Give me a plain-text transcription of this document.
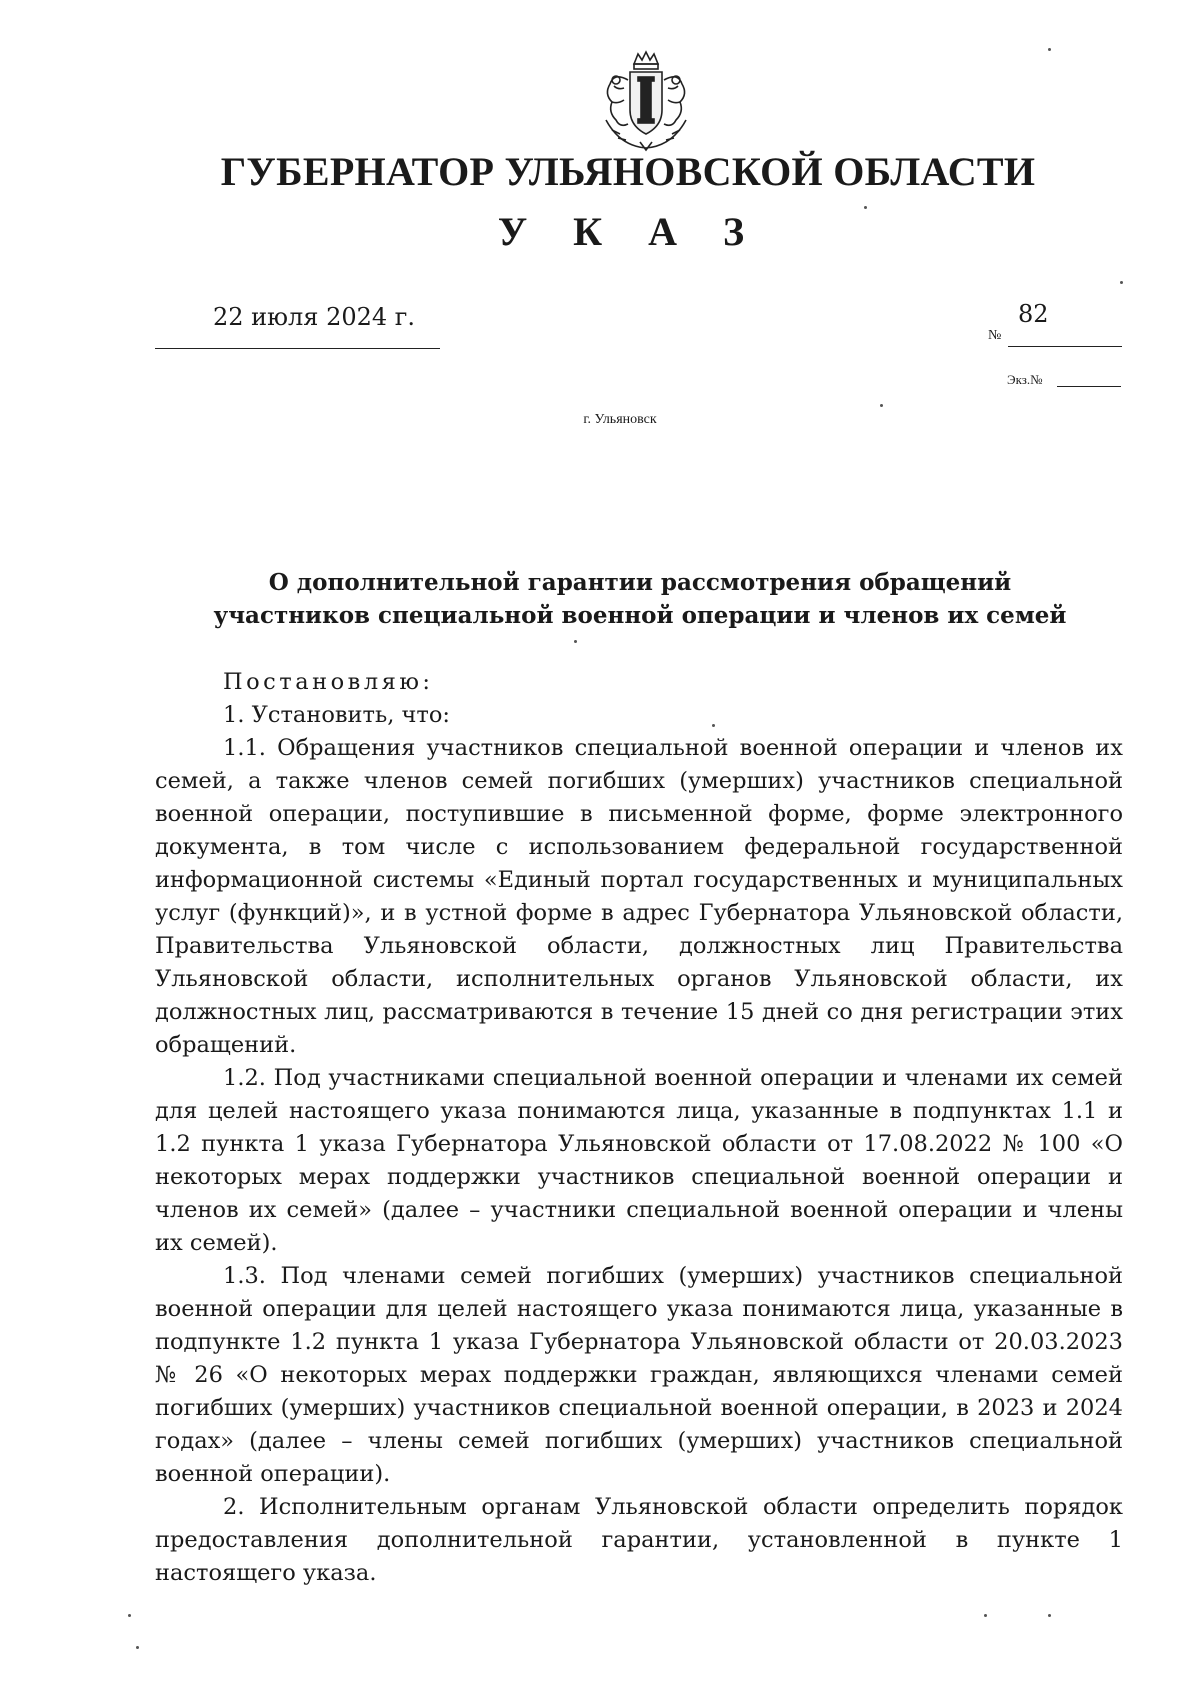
ГУБЕРНАТОР УЛЬЯНОВСКОЙ ОБЛАСТИ
У К А З
22 июля 2024 г.	82
№
Экз.№
г. Ульяновск
О дополнительной гарантии рассмотрения обращений
участников специальной военной операции и членов их семей

Постановляю:

1. Установить, что:

1.1. Обращения участников специальной военной операции и членов их семей, а также членов семей погибших (умерших) участников специальной военной операции, поступившие в письменной форме, форме электронного документа, в том числе с использованием федеральной государственной информационной системы «Единый портал государственных и муниципальных услуг (функций)», и в устной форме в адрес Губернатора Ульяновской области, Правительства Ульяновской области, должностных лиц Правительства Ульяновской области, исполнительных органов Ульяновской области, их должностных лиц, рассматриваются в течение 15 дней со дня регистрации этих обращений.

1.2. Под участниками специальной военной операции и членами их семей для целей настоящего указа понимаются лица, указанные в подпунктах 1.1 и 1.2 пункта 1 указа Губернатора Ульяновской области от 17.08.2022 № 100 «О некоторых мерах поддержки участников специальной военной операции и членов их семей» (далее – участники специальной военной операции и члены их семей).

1.3. Под членами семей погибших (умерших) участников специальной военной операции для целей настоящего указа понимаются лица, указанные в подпункте 1.2 пункта 1 указа Губернатора Ульяновской области от 20.03.2023 № 26 «О некоторых мерах поддержки граждан, являющихся членами семей погибших (умерших) участников специальной военной операции, в 2023 и 2024 годах» (далее – члены семей погибших (умерших) участников специальной военной операции).

2. Исполнительным органам Ульяновской области определить порядок предоставления дополнительной гарантии, установленной в пункте 1 настоящего указа.
